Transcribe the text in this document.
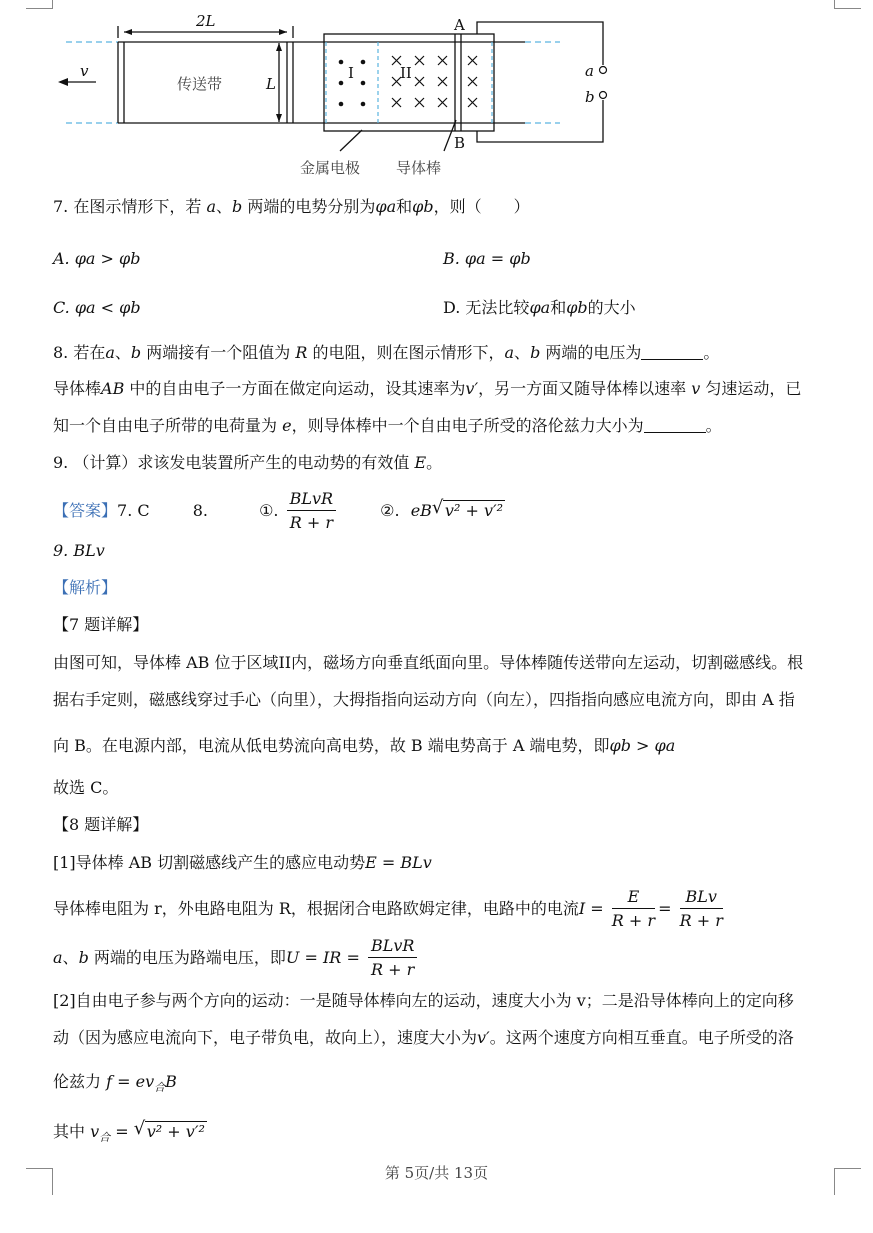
2L
L
v
传送带
I	II
A
B
a
b
金属电极 导体棒
7. 在图示情形下，若 a、b 两端的电势分别为φa和φb，则（　　）
A. φa > φb	B. φa = φb
C. φa < φb	D. 无法比较φa和φb的大小
8. 若在a、b 两端接有一个阻值为 R 的电阻，则在图示情形下，a、b 两端的电压为	。
导体棒AB 中的自由电子一方面在做定向运动，设其速率为v′，另一方面又随导体棒以速率 v 匀速运动，已
知一个自由电子所带的电荷量为 e，则导体棒中一个自由电子所受的洛伦兹力大小为	。
9. （计算）求该发电装置所产生的电动势的有效值 E。
【答案】7. C	8.	①. $\frac{\text{BLvR}}{R + r}$	②. eB √ v² + v′²
9. BLv
【解析】
【7 题详解】
由图可知，导体棒 AB 位于区域II内，磁场方向垂直纸面向里。导体棒随传送带向左运动，切割磁感线。根
据右手定则，磁感线穿过手心（向里），大拇指指向运动方向（向左），四指指向感应电流方向，即由 A 指
向 B。在电源内部，电流从低电势流向高电势，故 B 端电势高于 A 端电势，即φb > φa
故选 C。
【8 题详解】
[1]导体棒 AB 切割磁感线产生的感应电动势E = BLv
导体棒电阻为 r，外电路电阻为 R，根据闭合电路欧姆定律，电路中的电流$I = \frac{E}{R + r} = \frac{\text{BLv}}{R + r}$
a、b 两端的电压为路端电压，即U = IR = $\frac{\text{BLvR}}{R + r}$
[2]自由电子参与两个方向的运动：一是随导体棒向左的运动，速度大小为 v；二是沿导体棒向上的定向移
动（因为感应电流向下，电子带负电，故向上），速度大小为v′。这两个速度方向相互垂直。电子所受的洛
伦兹力 $f = ev_合B$
其中 $v_合$ = √ v² + v′²
第 5页/共 13页
